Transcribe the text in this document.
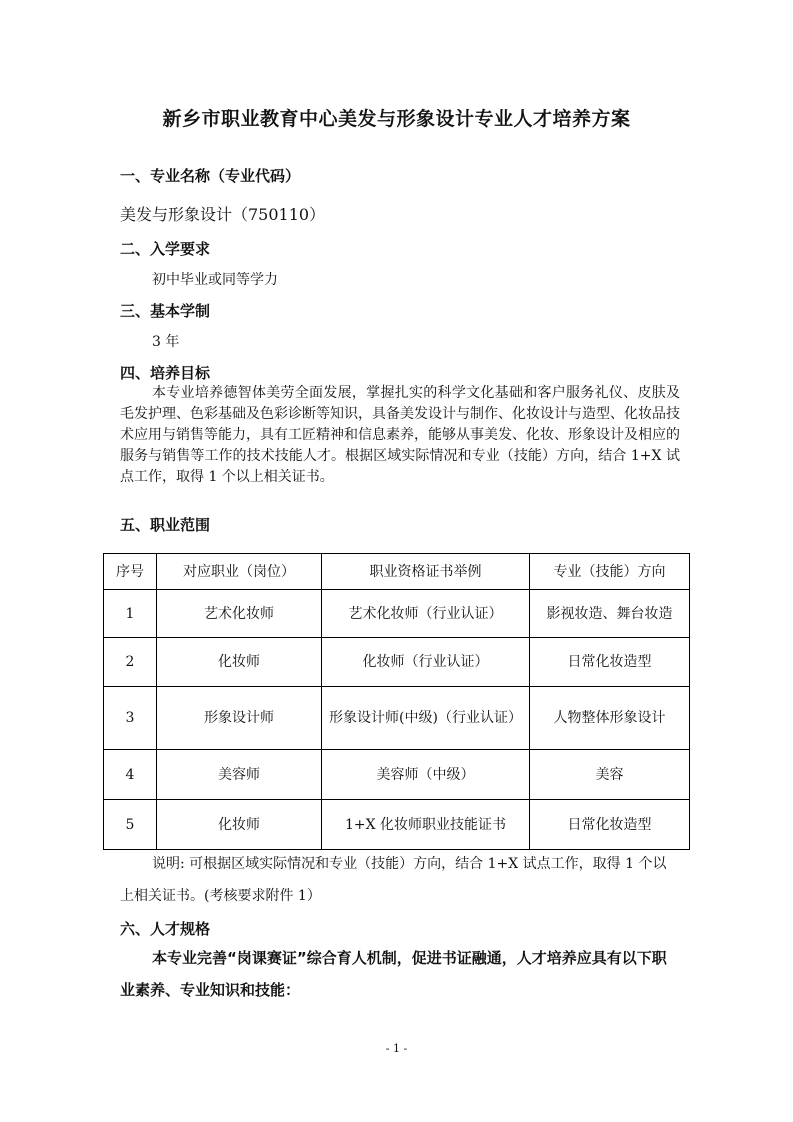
新乡市职业教育中心美发与形象设计专业人才培养方案
一、专业名称（专业代码）
美发与形象设计（750110）
二、入学要求
初中毕业或同等学力
三、基本学制
3 年
四、培养目标
本专业培养德智体美劳全面发展，掌握扎实的科学文化基础和客户服务礼仪、皮肤及毛发护理、色彩基础及色彩诊断等知识，具备美发设计与制作、化妆设计与造型、化妆品技术应用与销售等能力，具有工匠精神和信息素养，能够从事美发、化妆、形象设计及相应的服务与销售等工作的技术技能人才。根据区域实际情况和专业（技能）方向，结合 1+X 试点工作，取得 1 个以上相关证书。
五、职业范围
序号	对应职业（岗位）	职业资格证书举例	专业（技能）方向
1	艺术化妆师	艺术化妆师（行业认证）	影视妆造、舞台妆造
2	化妆师	化妆师（行业认证）	日常化妆造型
3	形象设计师	形象设计师(中级)（行业认证）	人物整体形象设计
4	美容师	美容师（中级）	美容
5	化妆师	1+X 化妆师职业技能证书	日常化妆造型
说明: 可根据区域实际情况和专业（技能）方向，结合 1+X 试点工作，取得 1 个以上相关证书。(考核要求附件 1）
六、人才规格
本专业完善“岗课赛证”综合育人机制，促进书证融通，人才培养应具有以下职业素养、专业知识和技能：
- 1 -
